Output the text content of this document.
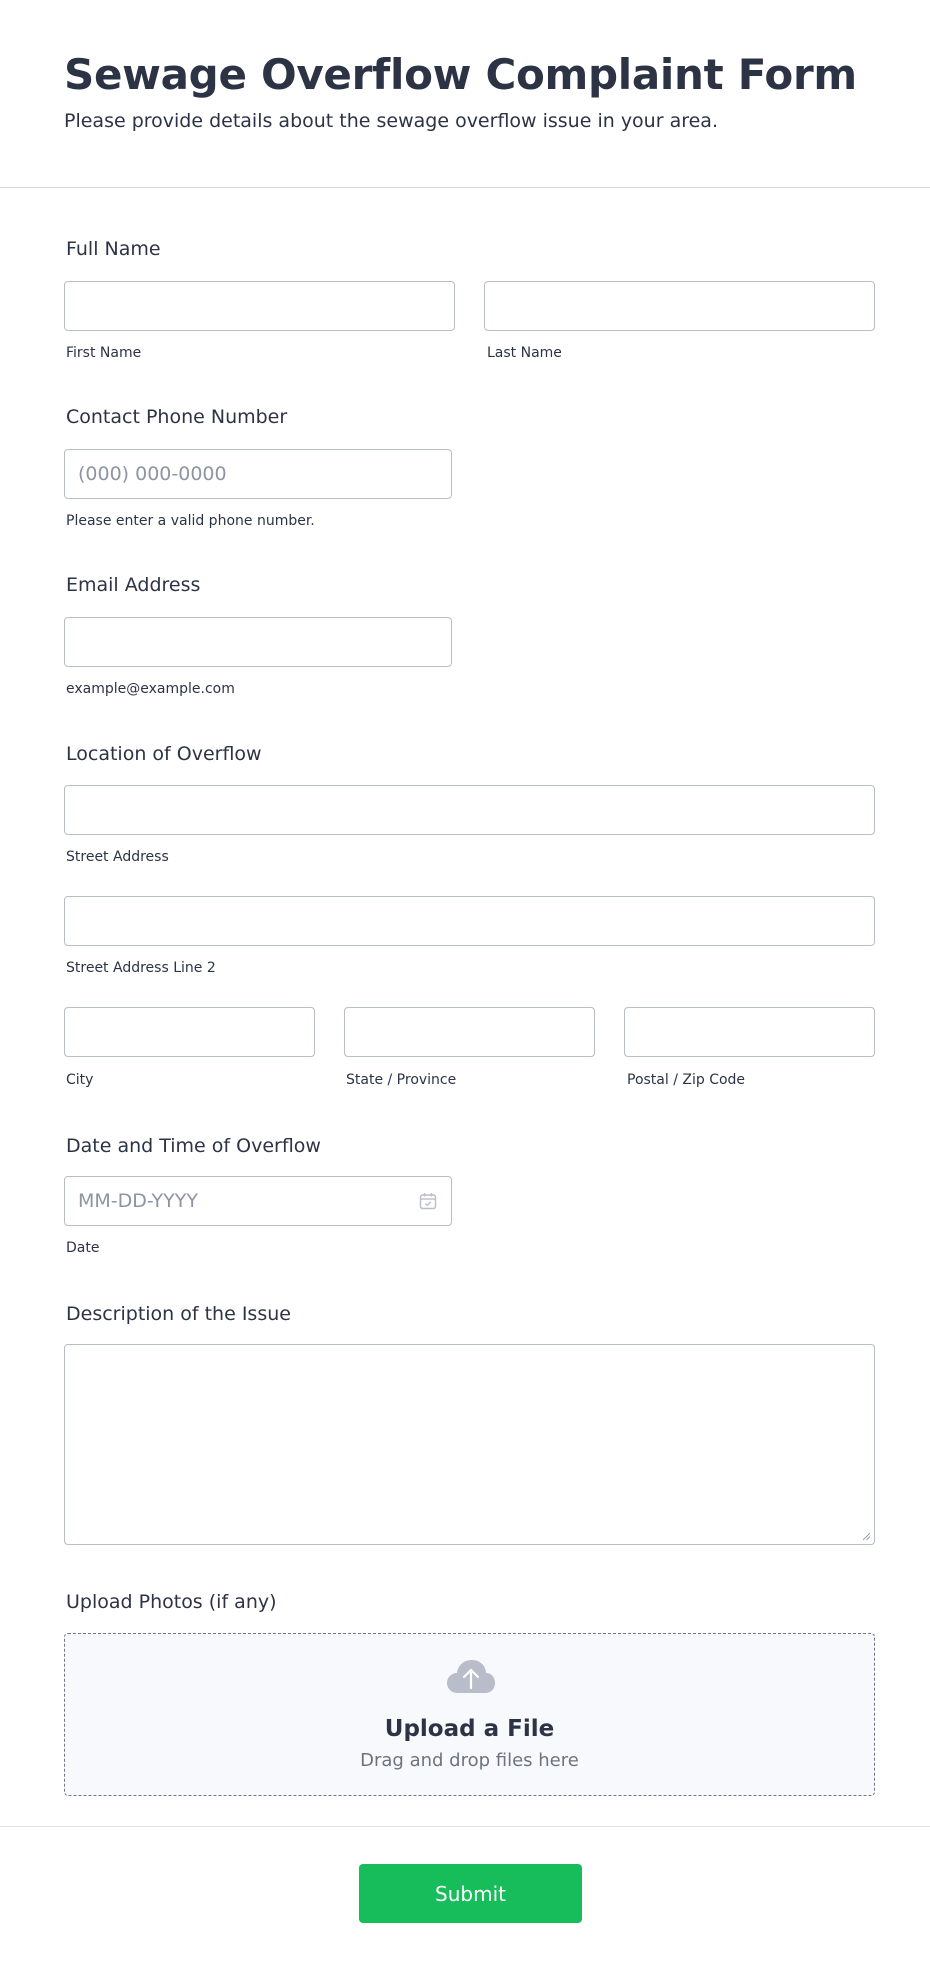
Sewage Overflow Complaint Form

Please provide details about the sewage overflow issue in your area.

Full Name
First Name	Last Name
Contact Phone Number
(000) 000-0000
Please enter a valid phone number.
Email Address
example@example.com
Location of Overflow
Street Address
Street Address Line 2
City	State / Province	Postal / Zip Code
Date and Time of Overflow
MM-DD-YYYY
Date
Description of the Issue
Upload Photos (if any)
Upload a File
Drag and drop files here
Submit
